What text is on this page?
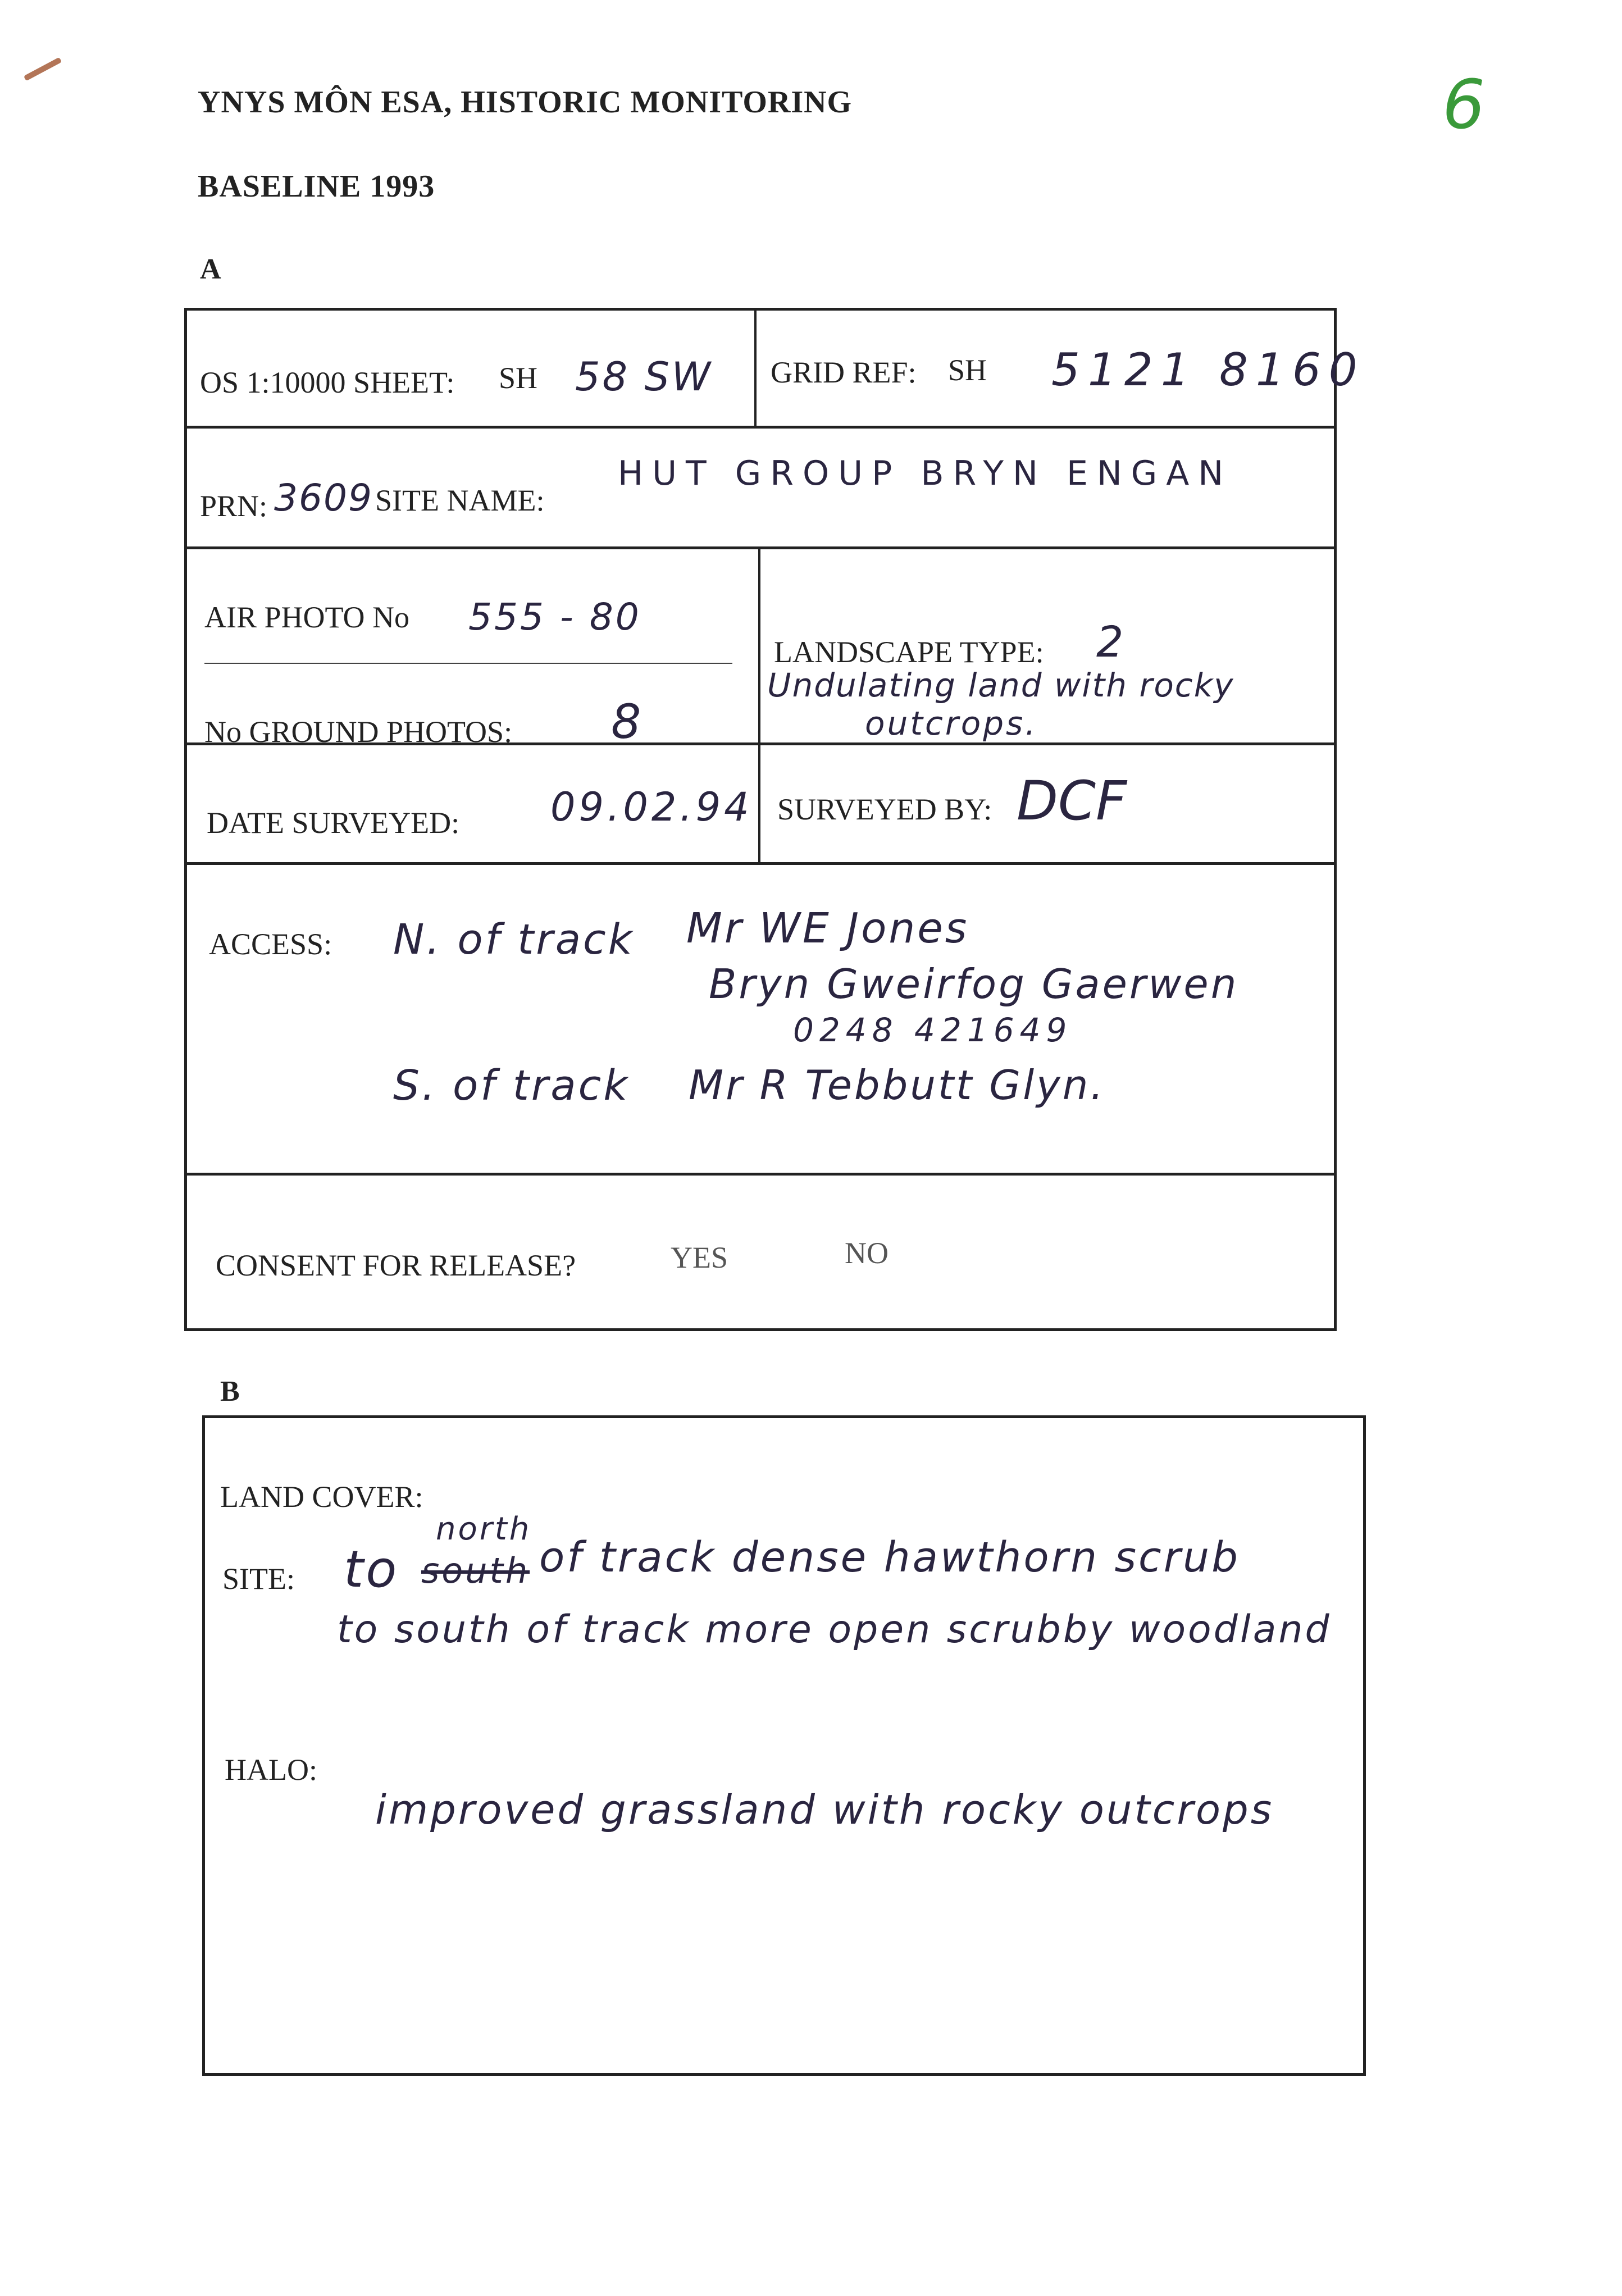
6
YNYS MÔN ESA, HISTORIC MONITORING
BASELINE 1993
A
OS 1:10000 SHEET: SH 58 SW GRID REF: SH 5121 8160
PRN: 3609 SITE NAME:
HUT GROUP BRYN ENGAN
AIR PHOTO No 555 - 80
No GROUND PHOTOS: 8
LANDSCAPE TYPE: 2
Undulating land with rocky
outcrops.
DATE SURVEYED: 09.02.94 SURVEYED BY: DCF
ACCESS: N. of track Mr WE Jones
Bryn Gweirfog Gaerwen
0248 421649
S. of track Mr R Tebbutt Glyn.
CONSENT FOR RELEASE?	YES	NO
B
LAND COVER:
SITE: to
north
south of track dense hawthorn scrub
to south of track more open scrubby woodland
HALO:
improved grassland with rocky outcrops
